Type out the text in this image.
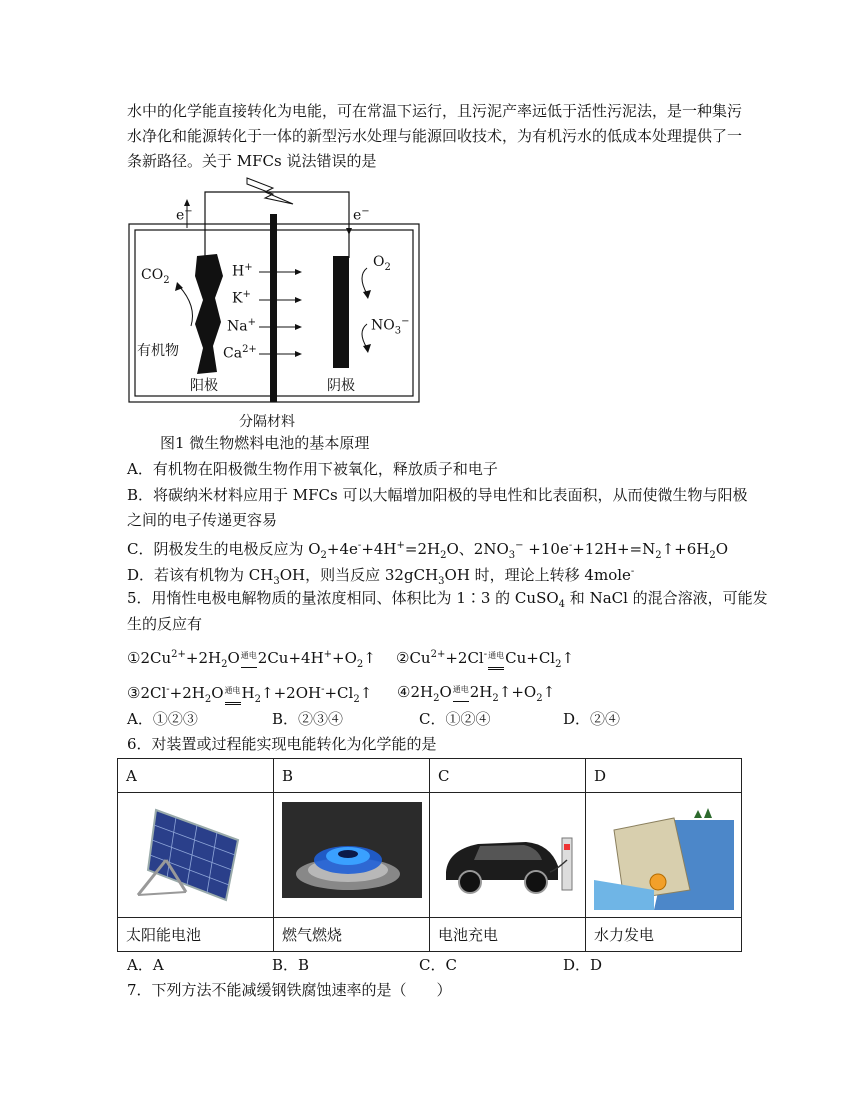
水中的化学能直接转化为电能，可在常温下运行，且污泥产率远低于活性污泥法，是一种集污
水净化和能源转化于一体的新型污水处理与能源回收技术，为有机污水的低成本处理提供了一
条新路径。关于 MFCs 说法错误的是
e−	e−
$CO_2$
有机物
阳极	阴极
$O_2$
$NO_3^-$
H+
K+
Na+
$Ca^{2+}$
分隔材料
图1 微生物燃料电池的基本原理
A．有机物在阳极微生物作用下被氧化，释放质子和电子
B．将碳纳米材料应用于 MFCs 可以大幅增加阳极的导电性和比表面积，从而使微生物与阳极
之间的电子传递更容易
C．阴极发生的电极反应为 $O_2+4e^-+4H^+=2H_2O$、$2NO_3^-$ $+10e^-+12H+=N_2↑+6H_2O$
D．若该有机物为 $CH_3OH$，则当反应 32gCH$_3$OH 时，理论上转移 4mole-
5．用惰性电极电解物质的量浓度相同、体积比为 1∶3 的 CuSO$_4$ 和 NaCl 的混合溶液，可能发
生的反应有
$①2Cu^{2+}+2H_2O$通电$2Cu+4H^++O_2↑$ $②Cu^{2+}+2Cl^-$通电$Cu+Cl_2↑$
$③2Cl^-+2H_2O$通电$H_2↑+2OH^-+Cl_2↑$ $④2H_2O$通电$2H_2↑+O_2↑$
A．①②③	B．②③④	C．①②④	D．②④
6．对装置或过程能实现电能转化为化学能的是
A	B	C	D

太阳能电池	燃气燃烧	电池充电	水力发电
A．A	B．B	C．C	D．D
7．下列方法不能减缓钢铁腐蚀速率的是（　　）
